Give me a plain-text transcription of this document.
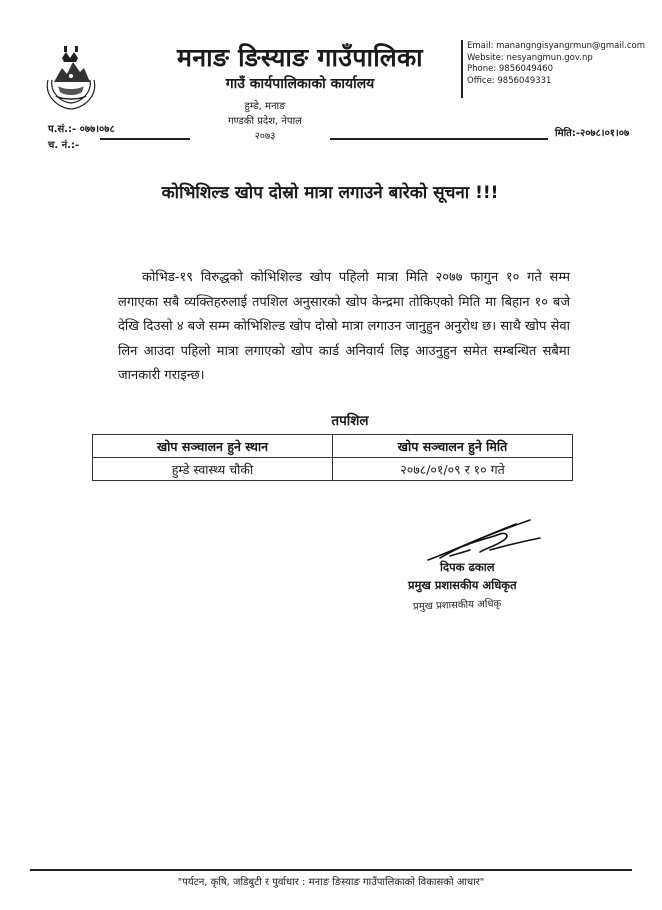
मनाङ ङिस्याङ गाउँपालिका
गाउँ कार्यपालिकाको कार्यालय
हुम्डे, मनाङ
गण्डकी प्रदेश, नेपाल
२०७३
Email: manangngisyangrmun@gmail.com
Website: nesyangmun.gov.np
Phone: 9856049460
Office: 9856049331
प.सं.:- ०७७।०७८
च. नं.:-
मिति:-२०७८।०१।०७
कोभिशिल्ड खोप दोस्रो मात्रा लगाउने बारेको सूचना !!!
कोभिड-१९ विरुद्धको कोभिशिल्ड खोप पहिलो मात्रा मिति २०७७ फागुन १० गते सम्म लगाएका सबै व्यक्तिहरुलाई तपशिल अनुसारको खोप केन्द्रमा तोकिएको मिति मा बिहान १० बजे देखि दिउसो ४ बजे सम्म कोभिशिल्ड खोप दोस्रो मात्रा लगाउन जानुहुन अनुरोध छ। साथै खोप सेवा लिन आउदा पहिलो मात्रा लगाएको खोप कार्ड अनिवार्य लिइ आउनुहुन समेत सम्बन्धित सबैमा जानकारी गराइन्छ।
तपशिल
खोप सञ्चालन हुने स्थान	खोप सञ्चालन हुने मिति
हुम्डे स्वास्थ्य चौकी	२०७८/०१/०९ र १० गते
दिपक ढकाल
प्रमुख प्रशासकीय अधिकृत
प्रमुख प्रशासकीय अधिकृ
"पर्यटन, कृषि, जडिबुटी र पुर्वाधार : मनाङ ङिस्याङ गाउँपालिकाको विकासको आधार"
